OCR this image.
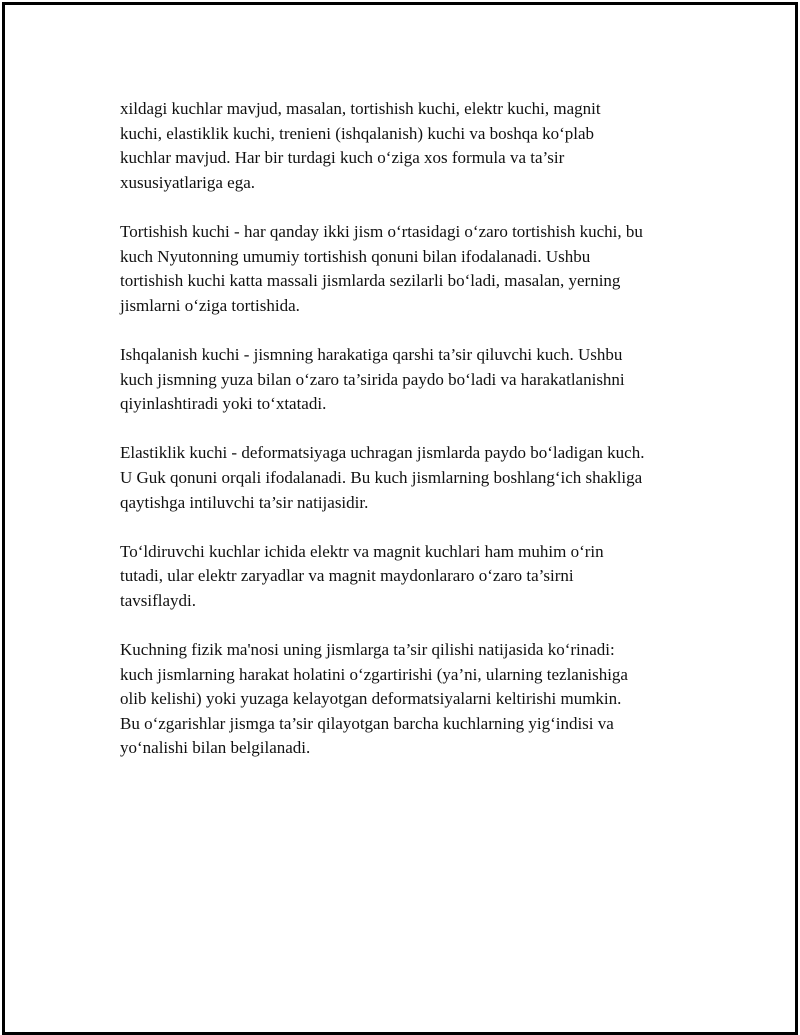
xildagi kuchlar mavjud, masalan, tortishish kuchi, elektr kuchi, magnit
kuchi, elastiklik kuchi, trenieni (ishqalanish) kuchi va boshqa ko‘plab
kuchlar mavjud. Har bir turdagi kuch o‘ziga xos formula va ta’sir
xususiyatlariga ega.

Tortishish kuchi - har qanday ikki jism o‘rtasidagi o‘zaro tortishish kuchi, bu
kuch Nyutonning umumiy tortishish qonuni bilan ifodalanadi. Ushbu
tortishish kuchi katta massali jismlarda sezilarli bo‘ladi, masalan, yerning
jismlarni o‘ziga tortishida.

Ishqalanish kuchi - jismning harakatiga qarshi ta’sir qiluvchi kuch. Ushbu
kuch jismning yuza bilan o‘zaro ta’sirida paydo bo‘ladi va harakatlanishni
qiyinlashtiradi yoki to‘xtatadi.

Elastiklik kuchi - deformatsiyaga uchragan jismlarda paydo bo‘ladigan kuch.
U Guk qonuni orqali ifodalanadi. Bu kuch jismlarning boshlang‘ich shakliga
qaytishga intiluvchi ta’sir natijasidir.

To‘ldiruvchi kuchlar ichida elektr va magnit kuchlari ham muhim o‘rin
tutadi, ular elektr zaryadlar va magnit maydonlararo o‘zaro ta’sirni
tavsiflaydi.

Kuchning fizik ma'nosi uning jismlarga ta’sir qilishi natijasida ko‘rinadi:
kuch jismlarning harakat holatini o‘zgartirishi (ya’ni, ularning tezlanishiga
olib kelishi) yoki yuzaga kelayotgan deformatsiyalarni keltirishi mumkin.
Bu o‘zgarishlar jismga ta’sir qilayotgan barcha kuchlarning yig‘indisi va
yo‘nalishi bilan belgilanadi.
